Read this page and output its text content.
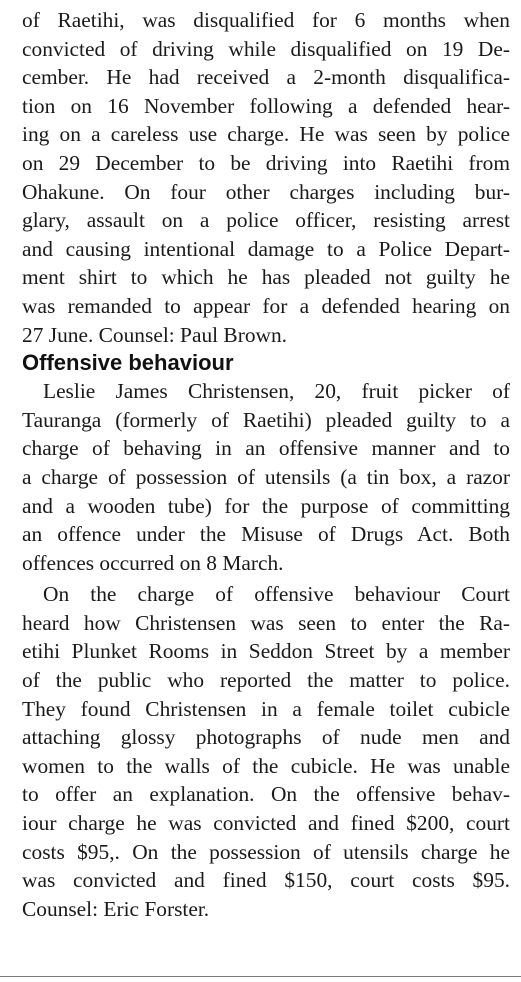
of Raetihi, was disqualified for 6 months when
convicted of driving while disqualified on 19 De-
cember. He had received a 2-month disqualifica-
tion on 16 November following a defended hear-
ing on a careless use charge. He was seen by police
on 29 December to be driving into Raetihi from
Ohakune. On four other charges including bur-
glary, assault on a police officer, resisting arrest
and causing intentional damage to a Police Depart-
ment shirt to which he has pleaded not guilty he
was remanded to appear for a defended hearing on
27 June. Counsel: Paul Brown.
Offensive behaviour
Leslie James Christensen, 20, fruit picker of
Tauranga (formerly of Raetihi) pleaded guilty to a
charge of behaving in an offensive manner and to
a charge of possession of utensils (a tin box, a razor
and a wooden tube) for the purpose of committing
an offence under the Misuse of Drugs Act. Both
offences occurred on 8 March.
On the charge of offensive behaviour Court
heard how Christensen was seen to enter the Ra-
etihi Plunket Rooms in Seddon Street by a member
of the public who reported the matter to police.
They found Christensen in a female toilet cubicle
attaching glossy photographs of nude men and
women to the walls of the cubicle. He was unable
to offer an explanation. On the offensive behav-
iour charge he was convicted and fined $200, court
costs $95,. On the possession of utensils charge he
was convicted and fined $150, court costs $95.
Counsel: Eric Forster.
